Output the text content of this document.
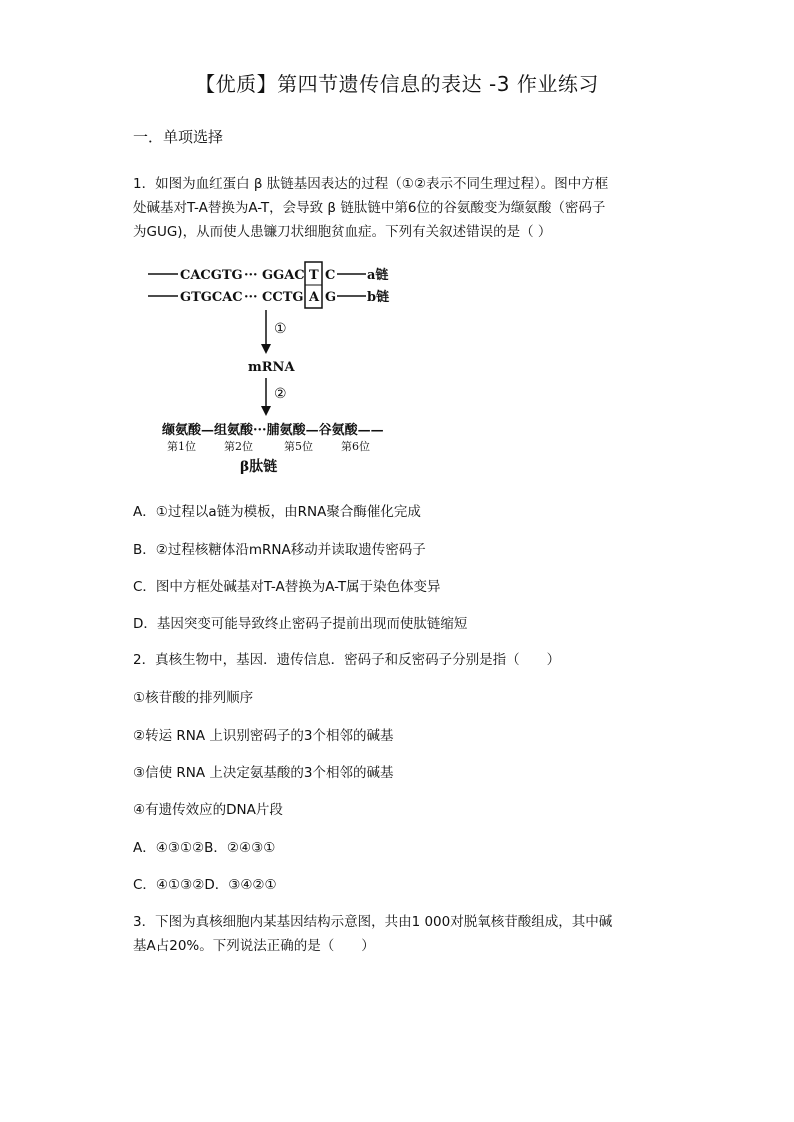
【优质】第四节遗传信息的表达 -3 作业练习
一．单项选择
1．如图为血红蛋白 β 肽链基因表达的过程（①②表示不同生理过程）。图中方框
处碱基对T-A替换为A-T，会导致 β 链肽链中第6位的谷氨酸变为缬氨酸（密码子
为GUG)，从而使人患镰刀状细胞贫血症。下列有关叙述错误的是（ ）
CACGTG ··· GGAC T C a链
GTGCAC ··· CCTG A G b链
①
mRNA
②
缬氨酸—组氨酸···脯氨酸—谷氨酸——
第1位	第2位	第5位	第6位
β肽链
A．①过程以a链为模板，由RNA聚合酶催化完成
B．②过程核糖体沿mRNA移动并读取遗传密码子
C．图中方框处碱基对T-A替换为A-T属于染色体变异
D．基因突变可能导致终止密码子提前出现而使肽链缩短
2．真核生物中，基因．遗传信息．密码子和反密码子分别是指（　　）
①核苷酸的排列顺序
②转运 RNA 上识别密码子的3个相邻的碱基
③信使 RNA 上决定氨基酸的3个相邻的碱基
④有遗传效应的DNA片段
A．④③①②B．②④③①
C．④①③②D．③④②①
3．下图为真核细胞内某基因结构示意图，共由1 000对脱氧核苷酸组成，其中碱
基A占20%。下列说法正确的是（　　）
